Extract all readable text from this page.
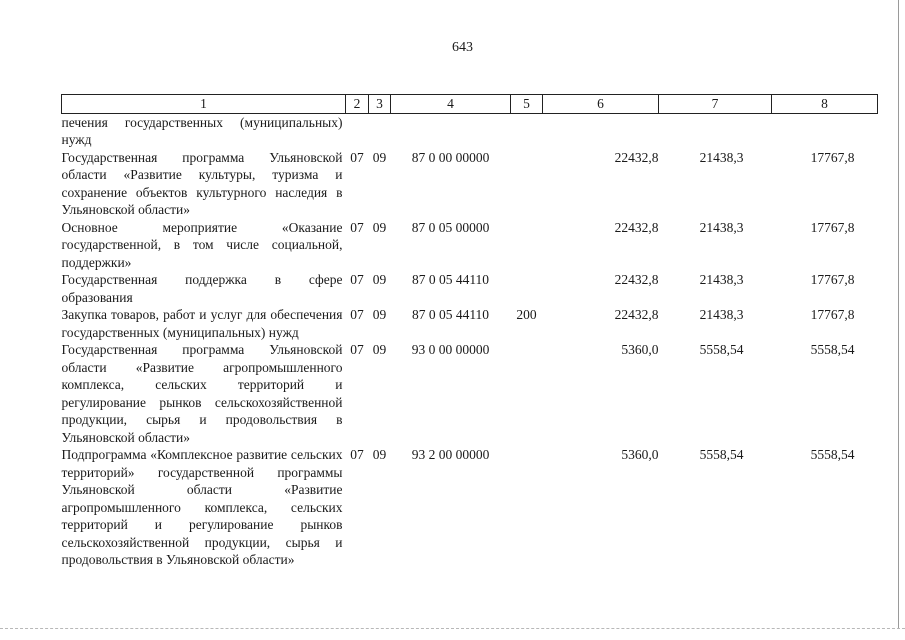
643
1	2	3	4	5	6	7	8
печения государственных (муниципальных) нужд							
Государственная программа Ульяновской области «Развитие культуры, туризма и сохранение объектов культурного наследия в Ульяновской области»	07	09	87 0 00 00000		22432,8	21438,3	17767,8
Основное мероприятие «Оказание государственной, в том числе социальной, поддержки»	07	09	87 0 05 00000		22432,8	21438,3	17767,8
Государственная поддержка в сфере образования	07	09	87 0 05 44110		22432,8	21438,3	17767,8
Закупка товаров, работ и услуг для обеспечения государственных (муниципальных) нужд	07	09	87 0 05 44110	200	22432,8	21438,3	17767,8
Государственная программа Ульяновской области «Развитие агропромышленного комплекса, сельских территорий и регулирование рынков сельскохозяйственной продукции, сырья и продовольствия в Ульяновской области»	07	09	93 0 00 00000		5360,0	5558,54	5558,54
Подпрограмма «Комплексное развитие сельских территорий» государственной программы Ульяновской области «Развитие агропромышленного комплекса, сельских территорий и регулирование рынков сельскохозяйственной продукции, сырья и продовольствия в Ульяновской области»	07	09	93 2 00 00000		5360,0	5558,54	5558,54
